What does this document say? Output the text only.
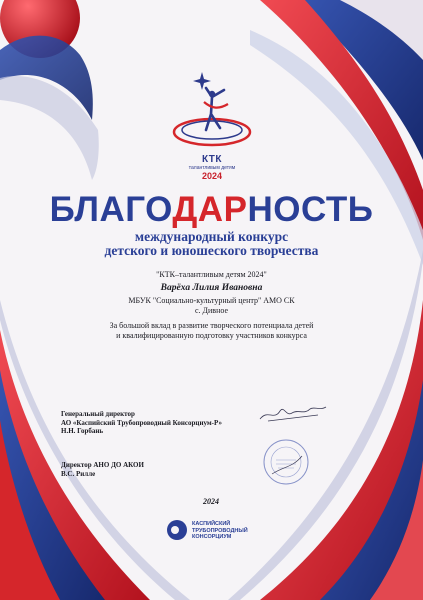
КТК
талантливым детям
2024
БЛАГОДАРНОСТЬ
международный конкурс
детского и юношеского творчества
"КТК–талантливым детям 2024"
Варёха Лилия Ивановна
МБУК "Социально-культурный центр" АМО СК
с. Дивное
За большой вклад в развитие творческого потенциала детей
и квалифицированную подготовку участников конкурса
Генеральный директор
АО «Каспийский Трубопроводный Консорциум-Р»
Н.Н. Горбань
Директор АНО ДО АКОИ
В.С. Рилле
2024
КАСПИЙСКИЙ
ТРУБОПРОВОДНЫЙ
КОНСОРЦИУМ
